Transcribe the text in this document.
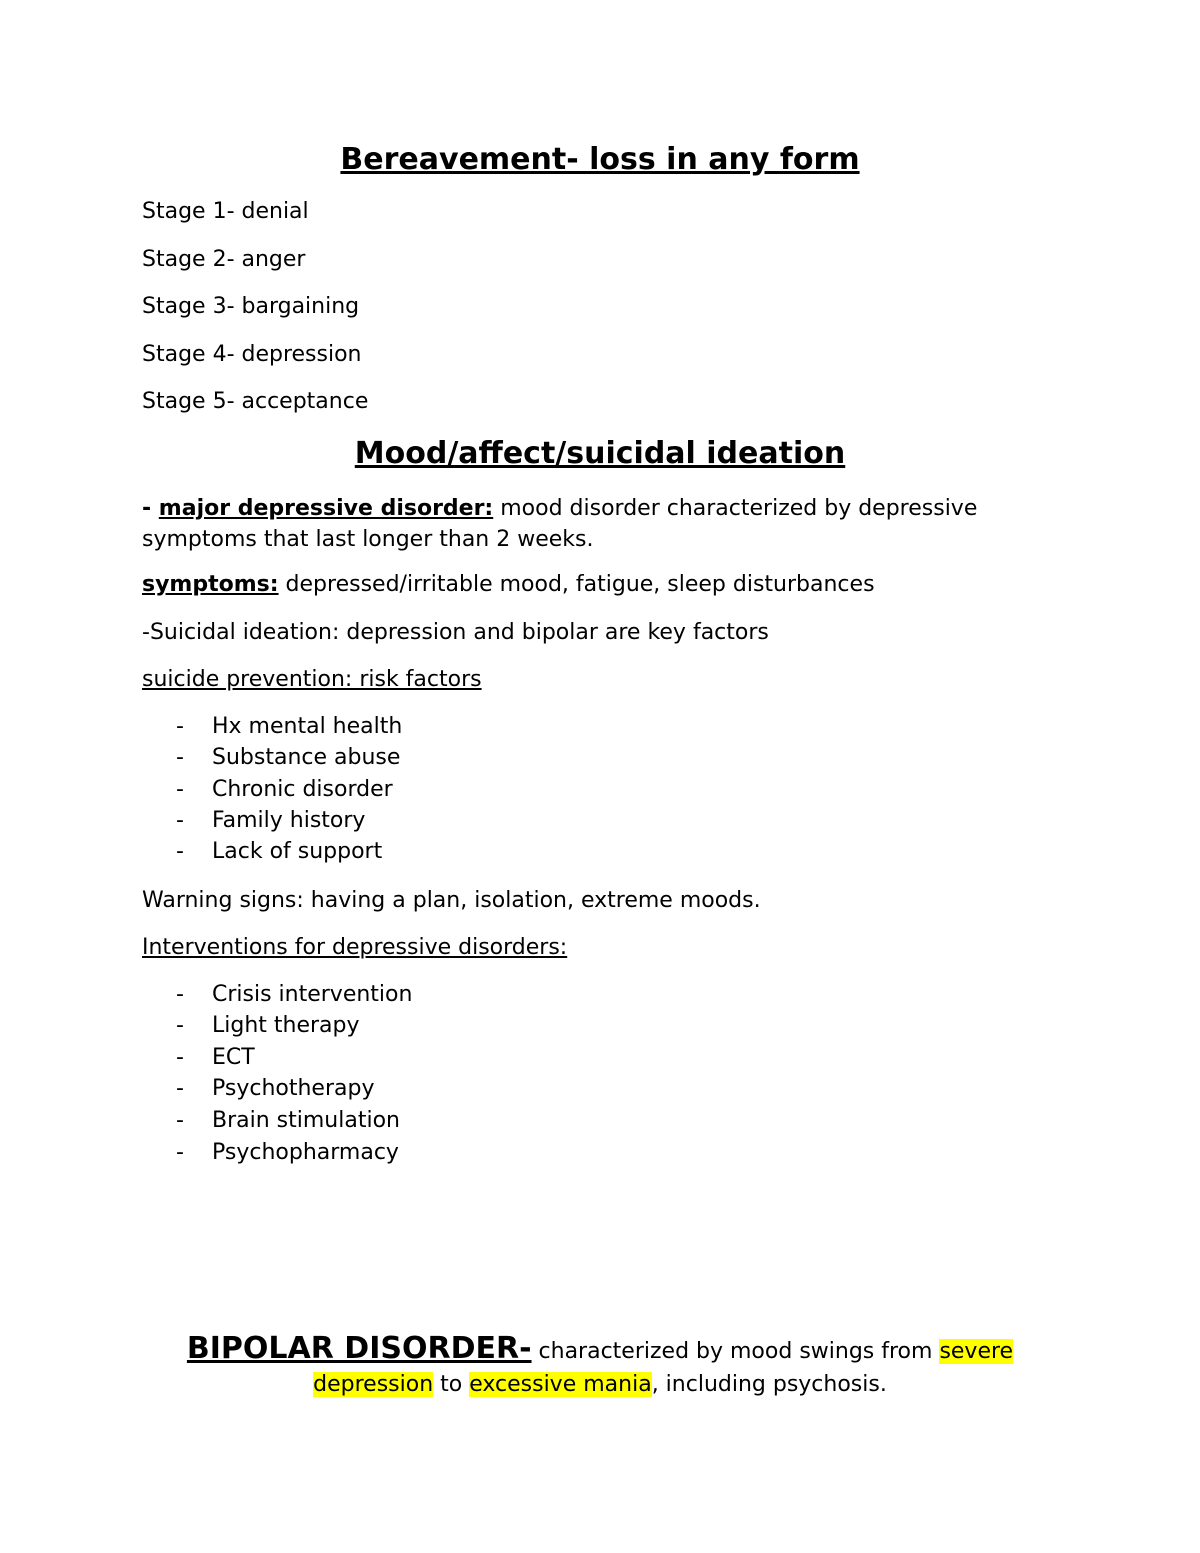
Bereavement- loss in any form
Stage 1- denial
Stage 2- anger
Stage 3- bargaining
Stage 4- depression
Stage 5- acceptance
Mood/affect/suicidal ideation
- major depressive disorder: mood disorder characterized by depressive symptoms that last longer than 2 weeks.
symptoms: depressed/irritable mood, fatigue, sleep disturbances
-Suicidal ideation: depression and bipolar are key factors
suicide prevention: risk factors
- Hx mental health
- Substance abuse
- Chronic disorder
- Family history
- Lack of support
Warning signs: having a plan, isolation, extreme moods.
Interventions for depressive disorders:
- Crisis intervention
- Light therapy
- ECT
- Psychotherapy
- Brain stimulation
- Psychopharmacy
BIPOLAR DISORDER- characterized by mood swings from severe
depression to excessive mania, including psychosis.
